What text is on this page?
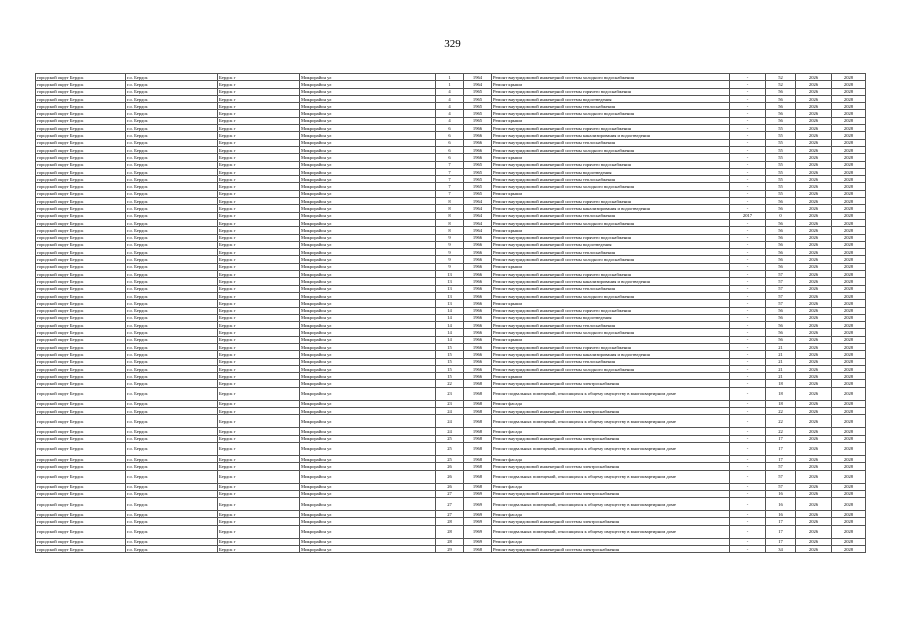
329
городской округ Бердск	г.о. Бердск	Бердск г	Микрорайон ул	1	1964	Ремонт внутридомовой инженерной системы холодного водоснабжения	-	52	2026	2028
городской округ Бердск	г.о. Бердск	Бердск г	Микрорайон ул	1	1964	Ремонт крыши	-	52	2026	2028
городской округ Бердск	г.о. Бердск	Бердск г	Микрорайон ул	4	1965	Ремонт внутридомовой инженерной системы горячего водоснабжения	-	56	2026	2028
городской округ Бердск	г.о. Бердск	Бердск г	Микрорайон ул	4	1965	Ремонт внутридомовой инженерной системы водоотведения	-	56	2026	2028
городской округ Бердск	г.о. Бердск	Бердск г	Микрорайон ул	4	1965	Ремонт внутридомовой инженерной системы теплоснабжения	-	56	2026	2028
городской округ Бердск	г.о. Бердск	Бердск г	Микрорайон ул	4	1965	Ремонт внутридомовой инженерной системы холодного водоснабжения	-	56	2026	2028
городской округ Бердск	г.о. Бердск	Бердск г	Микрорайон ул	4	1965	Ремонт крыши	-	56	2026	2028
городской округ Бердск	г.о. Бердск	Бердск г	Микрорайон ул	6	1966	Ремонт внутридомовой инженерной системы горячего водоснабжения	-	55	2026	2028
городской округ Бердск	г.о. Бердск	Бердск г	Микрорайон ул	6	1966	Ремонт внутридомовой инженерной системы канализирования и водоотведения	-	55	2026	2028
городской округ Бердск	г.о. Бердск	Бердск г	Микрорайон ул	6	1966	Ремонт внутридомовой инженерной системы теплоснабжения	-	55	2026	2028
городской округ Бердск	г.о. Бердск	Бердск г	Микрорайон ул	6	1966	Ремонт внутридомовой инженерной системы холодного водоснабжения	-	55	2026	2028
городской округ Бердск	г.о. Бердск	Бердск г	Микрорайон ул	6	1966	Ремонт крыши	-	55	2026	2028
городской округ Бердск	г.о. Бердск	Бердск г	Микрорайон ул	7	1965	Ремонт внутридомовой инженерной системы горячего водоснабжения	-	55	2026	2028
городской округ Бердск	г.о. Бердск	Бердск г	Микрорайон ул	7	1965	Ремонт внутридомовой инженерной системы водоотведения	-	55	2026	2028
городской округ Бердск	г.о. Бердск	Бердск г	Микрорайон ул	7	1965	Ремонт внутридомовой инженерной системы теплоснабжения	-	55	2026	2028
городской округ Бердск	г.о. Бердск	Бердск г	Микрорайон ул	7	1965	Ремонт внутридомовой инженерной системы холодного водоснабжения	-	55	2026	2028
городской округ Бердск	г.о. Бердск	Бердск г	Микрорайон ул	7	1965	Ремонт крыши	-	55	2026	2028
городской округ Бердск	г.о. Бердск	Бердск г	Микрорайон ул	8	1964	Ремонт внутридомовой инженерной системы горячего водоснабжения	-	56	2026	2028
городской округ Бердск	г.о. Бердск	Бердск г	Микрорайон ул	8	1964	Ремонт внутридомовой инженерной системы канализирования и водоотведения	-	56	2026	2028
городской округ Бердск	г.о. Бердск	Бердск г	Микрорайон ул	8	1964	Ремонт внутридомовой инженерной системы теплоснабжения	2017	0	2026	2028
городской округ Бердск	г.о. Бердск	Бердск г	Микрорайон ул	8	1964	Ремонт внутридомовой инженерной системы холодного водоснабжения	-	56	2026	2028
городской округ Бердск	г.о. Бердск	Бердск г	Микрорайон ул	8	1964	Ремонт крыши	-	56	2026	2028
городской округ Бердск	г.о. Бердск	Бердск г	Микрорайон ул	9	1966	Ремонт внутридомовой инженерной системы горячего водоснабжения	-	56	2026	2028
городской округ Бердск	г.о. Бердск	Бердск г	Микрорайон ул	9	1966	Ремонт внутридомовой инженерной системы водоотведения	-	56	2026	2028
городской округ Бердск	г.о. Бердск	Бердск г	Микрорайон ул	9	1966	Ремонт внутридомовой инженерной системы теплоснабжения	-	56	2026	2028
городской округ Бердск	г.о. Бердск	Бердск г	Микрорайон ул	9	1966	Ремонт внутридомовой инженерной системы холодного водоснабжения	-	56	2026	2028
городской округ Бердск	г.о. Бердск	Бердск г	Микрорайон ул	9	1966	Ремонт крыши	-	56	2026	2028
городской округ Бердск	г.о. Бердск	Бердск г	Микрорайон ул	13	1966	Ремонт внутридомовой инженерной системы горячего водоснабжения	-	57	2026	2028
городской округ Бердск	г.о. Бердск	Бердск г	Микрорайон ул	13	1966	Ремонт внутридомовой инженерной системы канализирования и водоотведения	-	57	2026	2028
городской округ Бердск	г.о. Бердск	Бердск г	Микрорайон ул	13	1966	Ремонт внутридомовой инженерной системы теплоснабжения	-	57	2026	2028
городской округ Бердск	г.о. Бердск	Бердск г	Микрорайон ул	13	1966	Ремонт внутридомовой инженерной системы холодного водоснабжения	-	57	2026	2028
городской округ Бердск	г.о. Бердск	Бердск г	Микрорайон ул	13	1966	Ремонт крыши	-	57	2026	2028
городской округ Бердск	г.о. Бердск	Бердск г	Микрорайон ул	14	1966	Ремонт внутридомовой инженерной системы горячего водоснабжения	-	56	2026	2028
городской округ Бердск	г.о. Бердск	Бердск г	Микрорайон ул	14	1966	Ремонт внутридомовой инженерной системы водоотведения	-	56	2026	2028
городской округ Бердск	г.о. Бердск	Бердск г	Микрорайон ул	14	1966	Ремонт внутридомовой инженерной системы теплоснабжения	-	56	2026	2028
городской округ Бердск	г.о. Бердск	Бердск г	Микрорайон ул	14	1966	Ремонт внутридомовой инженерной системы холодного водоснабжения	-	56	2026	2028
городской округ Бердск	г.о. Бердск	Бердск г	Микрорайон ул	14	1966	Ремонт крыши	-	56	2026	2028
городской округ Бердск	г.о. Бердск	Бердск г	Микрорайон ул	15	1966	Ремонт внутридомовой инженерной системы горячего водоснабжения	-	21	2026	2028
городской округ Бердск	г.о. Бердск	Бердск г	Микрорайон ул	15	1966	Ремонт внутридомовой инженерной системы канализирования и водоотведения	-	21	2026	2028
городской округ Бердск	г.о. Бердск	Бердск г	Микрорайон ул	15	1966	Ремонт внутридомовой инженерной системы теплоснабжения	-	21	2026	2028
городской округ Бердск	г.о. Бердск	Бердск г	Микрорайон ул	15	1966	Ремонт внутридомовой инженерной системы холодного водоснабжения	-	21	2026	2028
городской округ Бердск	г.о. Бердск	Бердск г	Микрорайон ул	15	1966	Ремонт крыши	-	21	2026	2028
городской округ Бердск	г.о. Бердск	Бердск г	Микрорайон ул	22	1968	Ремонт внутридомовой инженерной системы электроснабжения	-	18	2026	2028
городской округ Бердск	г.о. Бердск	Бердск г	Микрорайон ул	23	1968	Ремонт подвальных помещений, относящихся к общему имуществу в многоквартирном доме	-	18	2026	2028
городской округ Бердск	г.о. Бердск	Бердск г	Микрорайон ул	23	1968	Ремонт фасада	-	18	2026	2028
городской округ Бердск	г.о. Бердск	Бердск г	Микрорайон ул	24	1968	Ремонт внутридомовой инженерной системы электроснабжения	-	22	2026	2028
городской округ Бердск	г.о. Бердск	Бердск г	Микрорайон ул	24	1968	Ремонт подвальных помещений, относящихся к общему имуществу в многоквартирном доме	-	22	2026	2028
городской округ Бердск	г.о. Бердск	Бердск г	Микрорайон ул	24	1968	Ремонт фасада	-	22	2026	2028
городской округ Бердск	г.о. Бердск	Бердск г	Микрорайон ул	25	1968	Ремонт внутридомовой инженерной системы электроснабжения	-	17	2026	2028
городской округ Бердск	г.о. Бердск	Бердск г	Микрорайон ул	25	1968	Ремонт подвальных помещений, относящихся к общему имуществу в многоквартирном доме	-	17	2026	2028
городской округ Бердск	г.о. Бердск	Бердск г	Микрорайон ул	25	1968	Ремонт фасада	-	17	2026	2028
городской округ Бердск	г.о. Бердск	Бердск г	Микрорайон ул	26	1968	Ремонт внутридомовой инженерной системы электроснабжения	-	57	2026	2028
городской округ Бердск	г.о. Бердск	Бердск г	Микрорайон ул	26	1968	Ремонт подвальных помещений, относящихся к общему имуществу в многоквартирном доме	-	57	2026	2028
городской округ Бердск	г.о. Бердск	Бердск г	Микрорайон ул	26	1968	Ремонт фасада	-	57	2026	2028
городской округ Бердск	г.о. Бердск	Бердск г	Микрорайон ул	27	1969	Ремонт внутридомовой инженерной системы электроснабжения	-	16	2026	2028
городской округ Бердск	г.о. Бердск	Бердск г	Микрорайон ул	27	1969	Ремонт подвальных помещений, относящихся к общему имуществу в многоквартирном доме	-	16	2026	2028
городской округ Бердск	г.о. Бердск	Бердск г	Микрорайон ул	27	1969	Ремонт фасада	-	16	2026	2028
городской округ Бердск	г.о. Бердск	Бердск г	Микрорайон ул	28	1969	Ремонт внутридомовой инженерной системы электроснабжения	-	17	2026	2028
городской округ Бердск	г.о. Бердск	Бердск г	Микрорайон ул	28	1969	Ремонт подвальных помещений, относящихся к общему имуществу в многоквартирном доме	-	17	2026	2028
городской округ Бердск	г.о. Бердск	Бердск г	Микрорайон ул	28	1969	Ремонт фасада	-	17	2026	2028
городской округ Бердск	г.о. Бердск	Бердск г	Микрорайон ул	29	1968	Ремонт внутридомовой инженерной системы электроснабжения	-	34	2026	2028
